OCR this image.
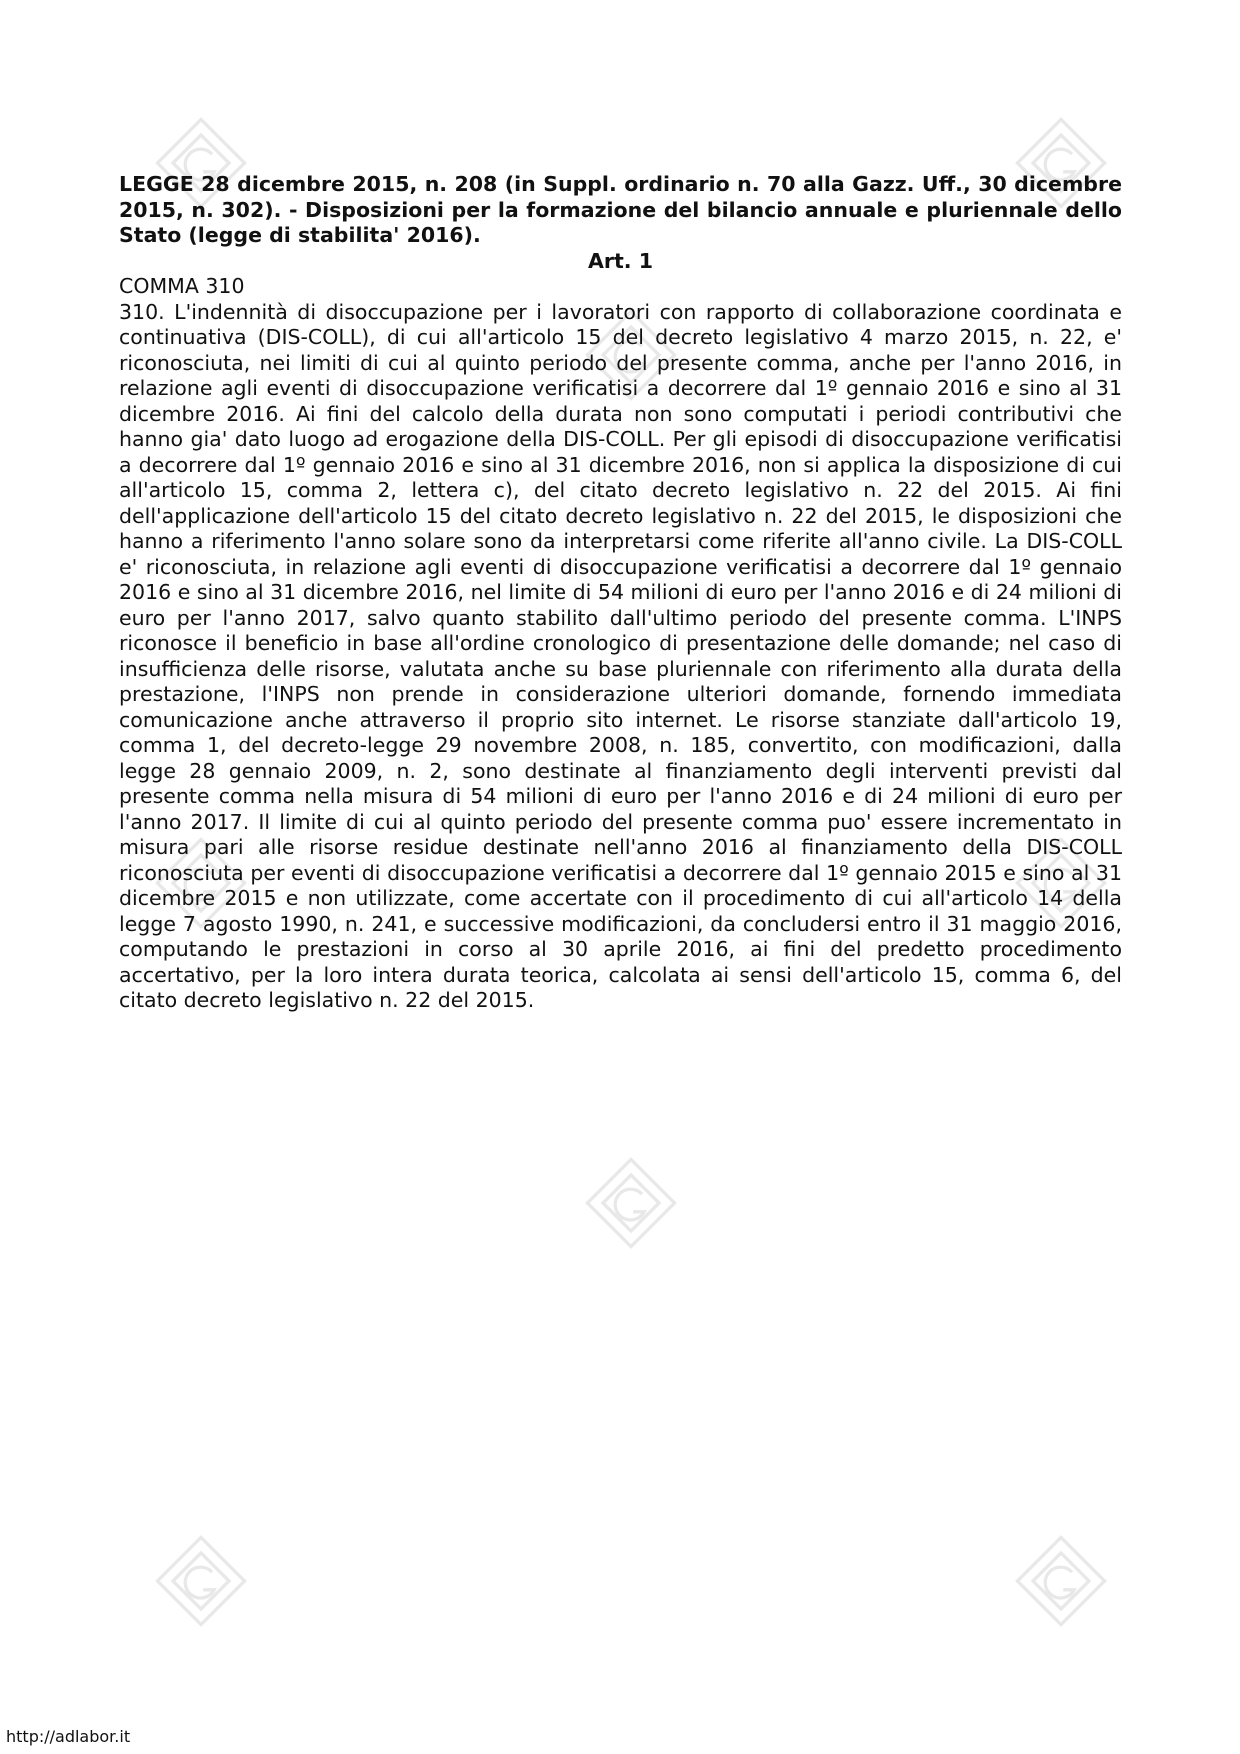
LEGGE 28 dicembre 2015, n. 208 (in Suppl. ordinario n. 70 alla Gazz. Uff., 30 dicembre 2015, n. 302). - Disposizioni per la formazione del bilancio annuale e pluriennale dello Stato (legge di stabilita' 2016).

Art. 1

COMMA 310

310. L'indennità di disoccupazione per i lavoratori con rapporto di collaborazione coordinata e continuativa (DIS-COLL), di cui all'articolo 15 del decreto legislativo 4 marzo 2015, n. 22, e' riconosciuta, nei limiti di cui al quinto periodo del presente comma, anche per l'anno 2016, in relazione agli eventi di disoccupazione verificatisi a decorrere dal 1º gennaio 2016 e sino al 31 dicembre 2016. Ai fini del calcolo della durata non sono computati i periodi contributivi che hanno gia' dato luogo ad erogazione della DIS-COLL. Per gli episodi di disoccupazione verificatisi a decorrere dal 1º gennaio 2016 e sino al 31 dicembre 2016, non si applica la disposizione di cui all'articolo 15, comma 2, lettera c), del citato decreto legislativo n. 22 del 2015. Ai fini dell'applicazione dell'articolo 15 del citato decreto legislativo n. 22 del 2015, le disposizioni che hanno a riferimento l'anno solare sono da interpretarsi come riferite all'anno civile. La DIS-COLL e' riconosciuta, in relazione agli eventi di disoccupazione verificatisi a decorrere dal 1º gennaio 2016 e sino al 31 dicembre 2016, nel limite di 54 milioni di euro per l'anno 2016 e di 24 milioni di euro per l'anno 2017, salvo quanto stabilito dall'ultimo periodo del presente comma. L'INPS riconosce il beneficio in base all'ordine cronologico di presentazione delle domande; nel caso di insufficienza delle risorse, valutata anche su base pluriennale con riferimento alla durata della prestazione, l'INPS non prende in considerazione ulteriori domande, fornendo immediata comunicazione anche attraverso il proprio sito internet. Le risorse stanziate dall'articolo 19, comma 1, del decreto-legge 29 novembre 2008, n. 185, convertito, con modificazioni, dalla legge 28 gennaio 2009, n. 2, sono destinate al finanziamento degli interventi previsti dal presente comma nella misura di 54 milioni di euro per l'anno 2016 e di 24 milioni di euro per l'anno 2017. Il limite di cui al quinto periodo del presente comma puo' essere incrementato in misura pari alle risorse residue destinate nell'anno 2016 al finanziamento della DIS-COLL riconosciuta per eventi di disoccupazione verificatisi a decorrere dal 1º gennaio 2015 e sino al 31 dicembre 2015 e non utilizzate, come accertate con il procedimento di cui all'articolo 14 della legge 7 agosto 1990, n. 241, e successive modificazioni, da concludersi entro il 31 maggio 2016, computando le prestazioni in corso al 30 aprile 2016, ai fini del predetto procedimento accertativo, per la loro intera durata teorica, calcolata ai sensi dell'articolo 15, comma 6, del citato decreto legislativo n. 22 del 2015.

http://adlabor.it
